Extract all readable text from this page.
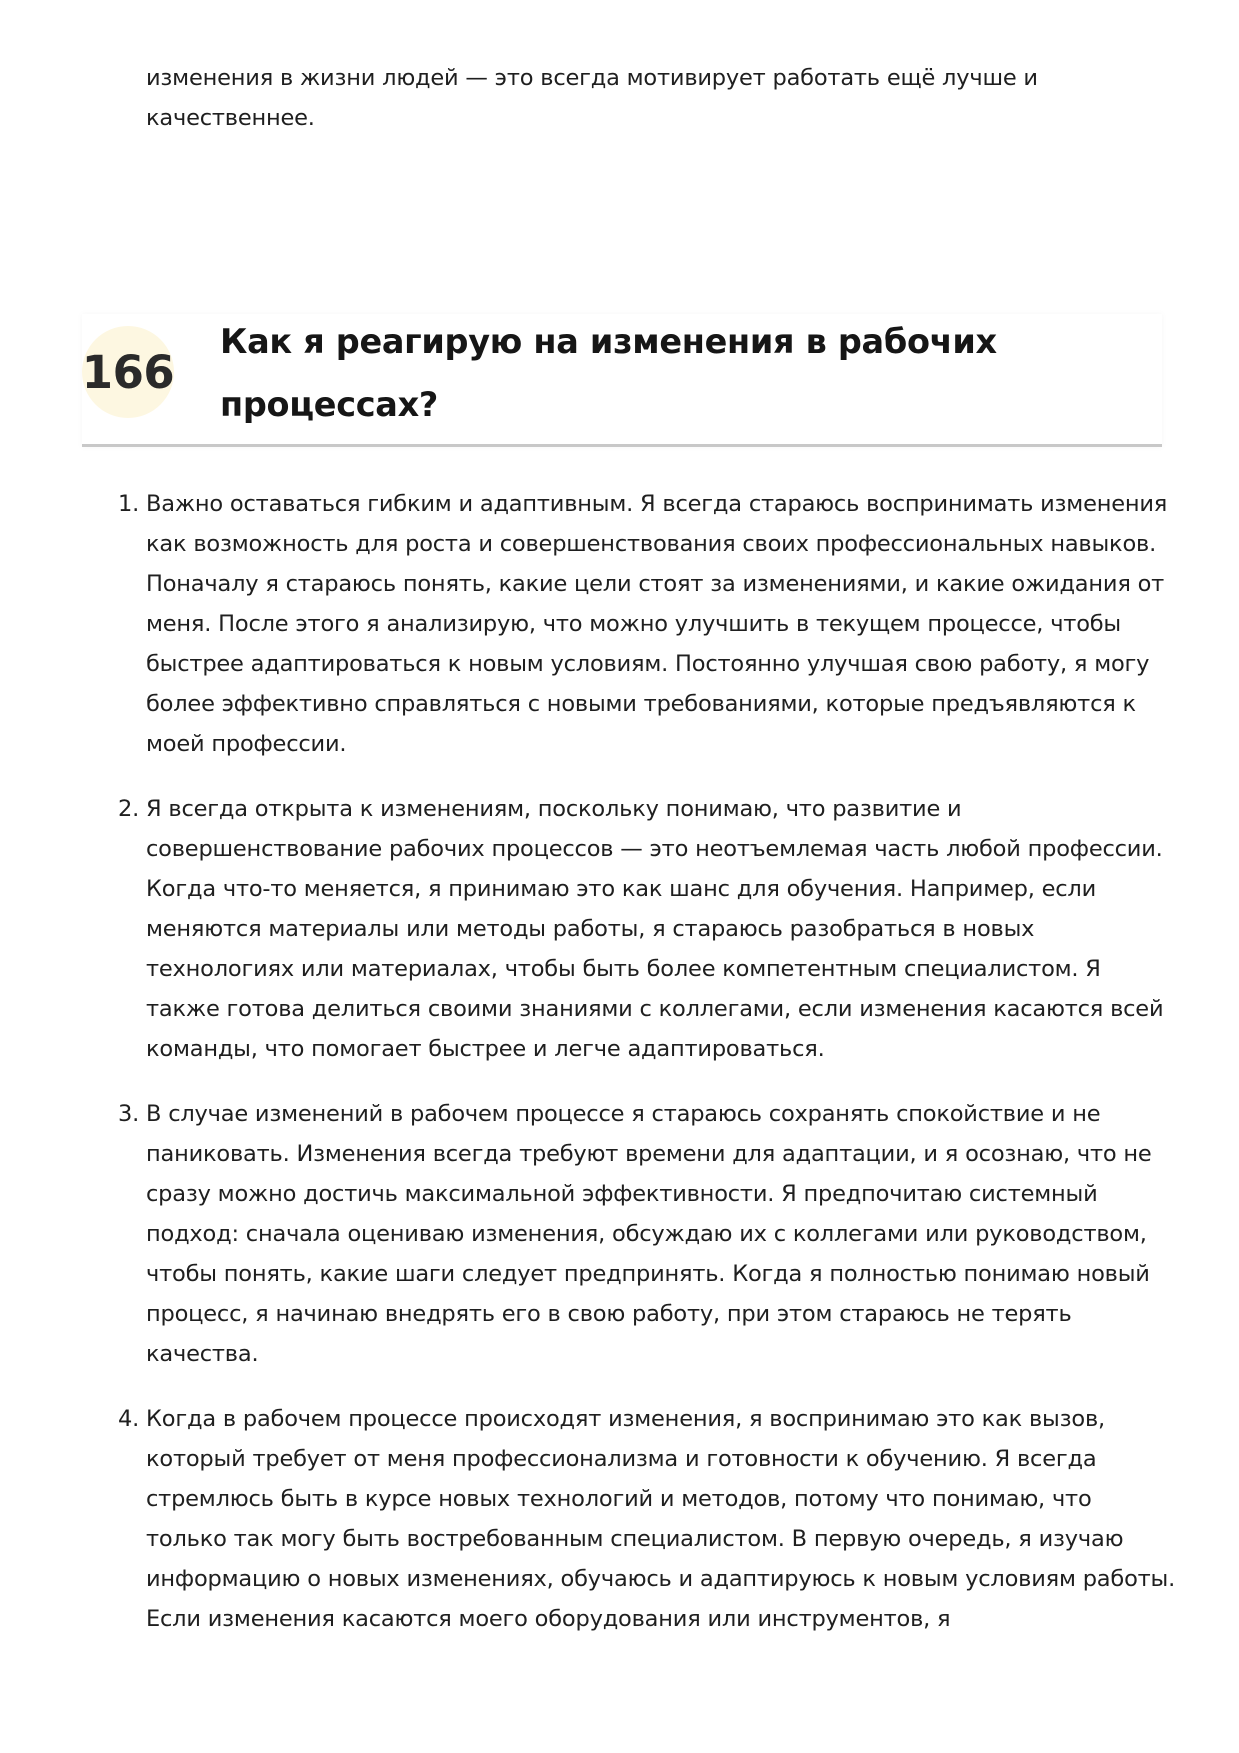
изменения в жизни людей — это всегда мотивирует работать ещё лучше и качественнее.

166
Как я реагирую на изменения в рабочих процессах?
1. Важно оставаться гибким и адаптивным. Я всегда стараюсь воспринимать изменения как возможность для роста и совершенствования своих профессиональных навыков. Поначалу я стараюсь понять, какие цели стоят за изменениями, и какие ожидания от меня. После этого я анализирую, что можно улучшить в текущем процессе, чтобы быстрее адаптироваться к новым условиям. Постоянно улучшая свою работу, я могу более эффективно справляться с новыми требованиями, которые предъявляются к моей профессии.
2. Я всегда открыта к изменениям, поскольку понимаю, что развитие и совершенствование рабочих процессов — это неотъемлемая часть любой профессии. Когда что-то меняется, я принимаю это как шанс для обучения. Например, если меняются материалы или методы работы, я стараюсь разобраться в новых технологиях или материалах, чтобы быть более компетентным специалистом. Я также готова делиться своими знаниями с коллегами, если изменения касаются всей команды, что помогает быстрее и легче адаптироваться.
3. В случае изменений в рабочем процессе я стараюсь сохранять спокойствие и не паниковать. Изменения всегда требуют времени для адаптации, и я осознаю, что не сразу можно достичь максимальной эффективности. Я предпочитаю системный подход: сначала оцениваю изменения, обсуждаю их с коллегами или руководством, чтобы понять, какие шаги следует предпринять. Когда я полностью понимаю новый процесс, я начинаю внедрять его в свою работу, при этом стараюсь не терять качества.
4. Когда в рабочем процессе происходят изменения, я воспринимаю это как вызов, который требует от меня профессионализма и готовности к обучению. Я всегда стремлюсь быть в курсе новых технологий и методов, потому что понимаю, что только так могу быть востребованным специалистом. В первую очередь, я изучаю информацию о новых изменениях, обучаюсь и адаптируюсь к новым условиям работы. Если изменения касаются моего оборудования или инструментов, я
